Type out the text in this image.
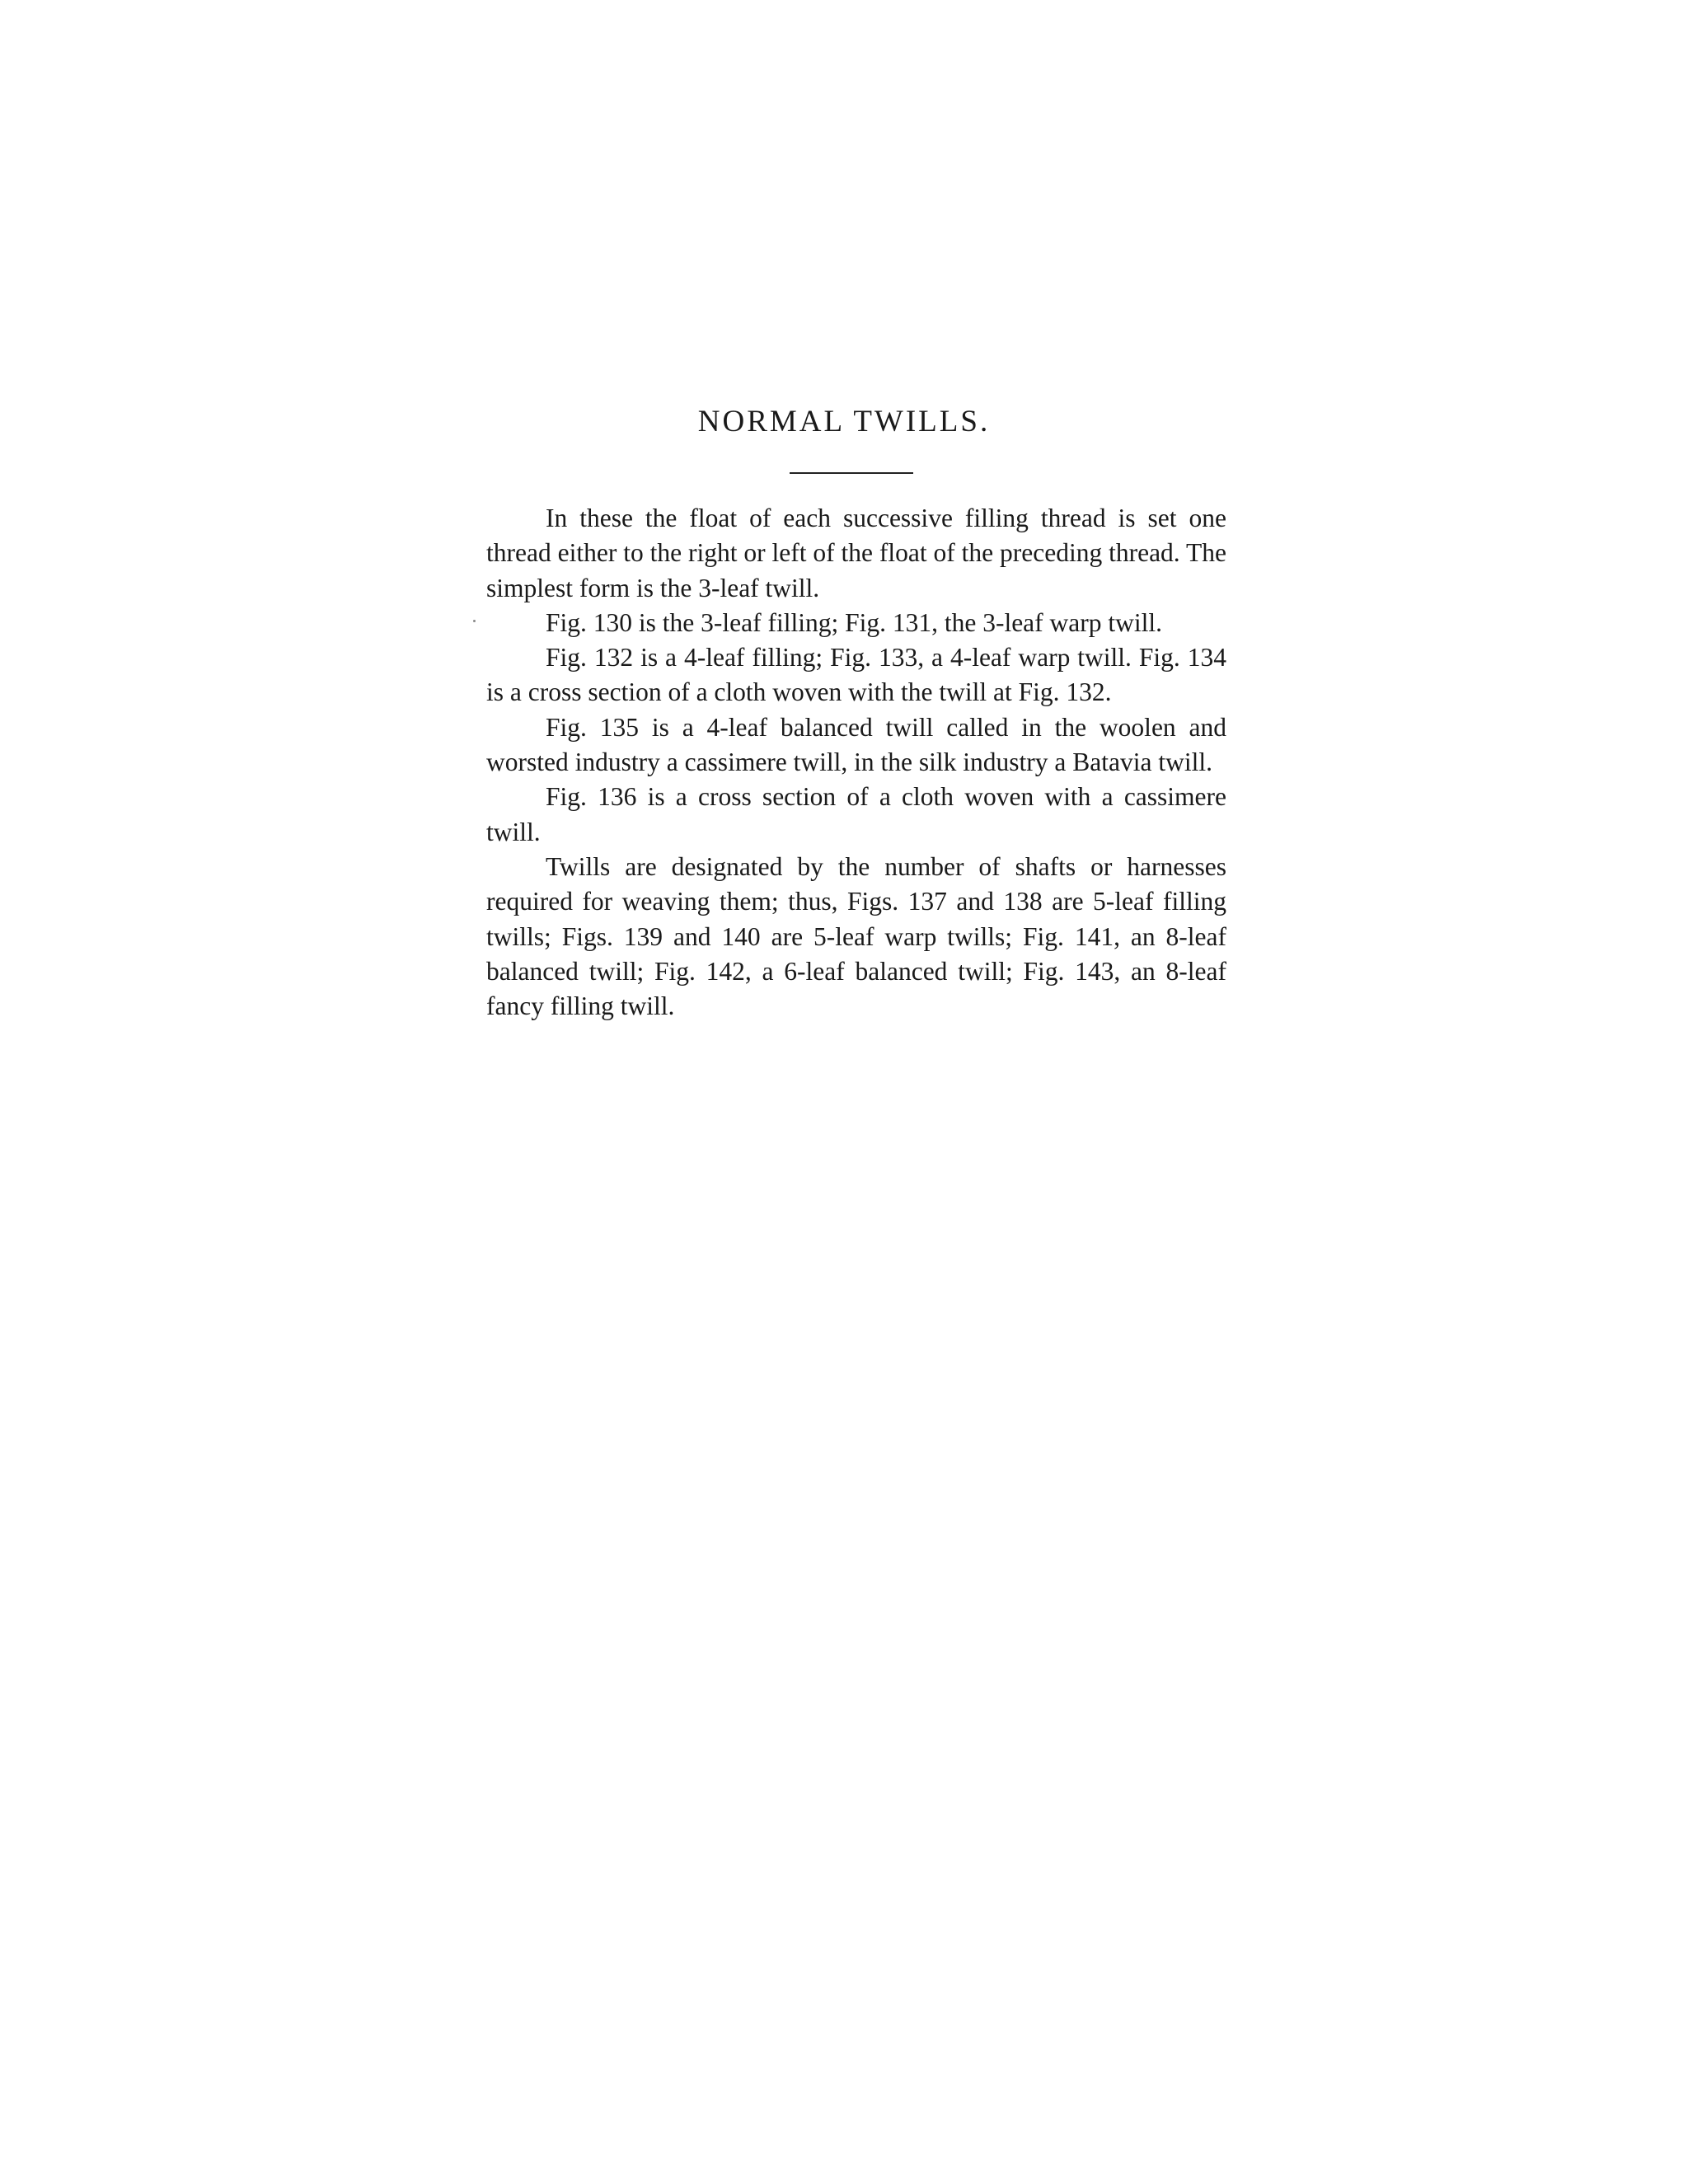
NORMAL TWILLS.

In these the float of each successive filling thread is set one thread either to the right or left of the float of the preceding thread. The simplest form is the 3-leaf twill.

Fig. 130 is the 3-leaf filling; Fig. 131, the 3-leaf warp twill.

Fig. 132 is a 4-leaf filling; Fig. 133, a 4-leaf warp twill. Fig. 134 is a cross section of a cloth woven with the twill at Fig. 132.

Fig. 135 is a 4-leaf balanced twill called in the woolen and worsted industry a cassimere twill, in the silk industry a Batavia twill.

Fig. 136 is a cross section of a cloth woven with a cassimere twill.

Twills are designated by the number of shafts or harnesses required for weaving them; thus, Figs. 137 and 138 are 5-leaf filling twills; Figs. 139 and 140 are 5-leaf warp twills; Fig. 141, an 8-leaf balanced twill; Fig. 142, a 6-leaf balanced twill; Fig. 143, an 8-leaf fancy filling twill.
